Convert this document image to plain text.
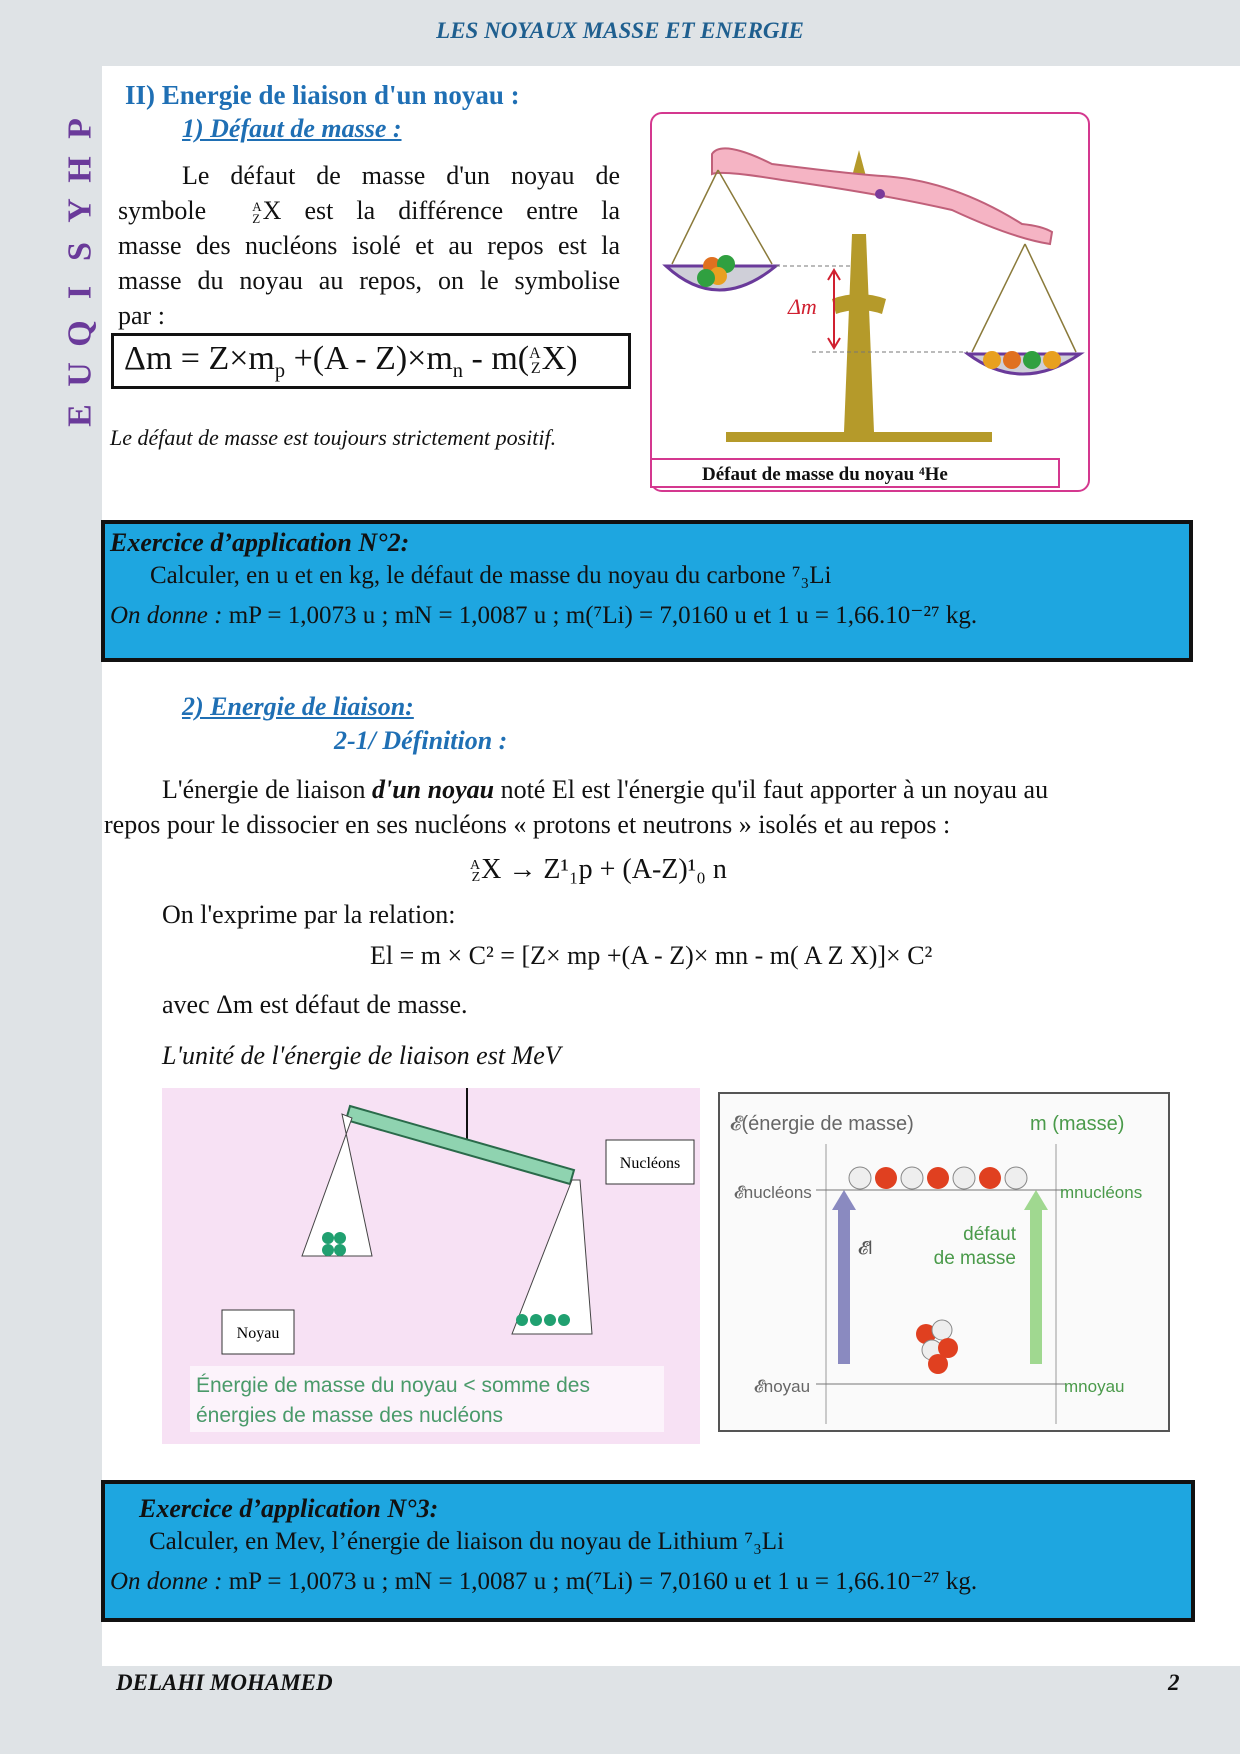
LES NOYAUX MASSE ET ENERGIE
P
H
Y
S
I
Q
U
E
II) Energie de liaison d'un noyau :
1) Défaut de masse :
Le défaut de masse d'un noyau de
symbole	A
Z X est la différence entre la
masse des nucléons isolé et au repos est la
masse du noyau au repos, on le symbolise
par :
$\Delta m = Z\times m_p +(A - Z)\times m_n - m$( A
Z X)
Le défaut de masse est toujours strictement positif.
Δm
Défaut de masse du noyau ⁴He
Exercice d’application N°2:
Calculer, en u et en kg, le défaut de masse du noyau du carbone ⁷₃Li
On donne : mP = 1,0073 u ; mN = 1,0087 u ; m(⁷Li) = 7,0160 u et 1 u = 1,66.10⁻²⁷ kg.
2) Energie de liaison:
2-1/ Définition :
L'énergie de liaison d'un noyau noté El est l'énergie qu'il faut apporter à un noyau au
repos pour le dissocier en ses nucléons « protons et neutrons » isolés et au repos :
A
Z X → Z¹₁p + (A-Z)¹₀ n
On l'exprime par la relation:
El = m × C² = [Z× mp +(A - Z)× mn - m( A Z X)]× C²
avec Δm est défaut de masse.
L'unité de l'énergie de liaison est MeV
Nucléons
Noyau
Énergie de masse du noyau < somme des
énergies de masse des nucléons
𝓔(énergie de masse)	m (masse)
𝓔nucléons	mnucléons
𝓔l
défaut
de masse
𝓔noyau	mnoyau
Exercice d’application N°3:
Calculer, en Mev, l’énergie de liaison du noyau de Lithium ⁷₃Li
On donne : mP = 1,0073 u ; mN = 1,0087 u ; m(⁷Li) = 7,0160 u et 1 u = 1,66.10⁻²⁷ kg.
DELAHI MOHAMED	2
